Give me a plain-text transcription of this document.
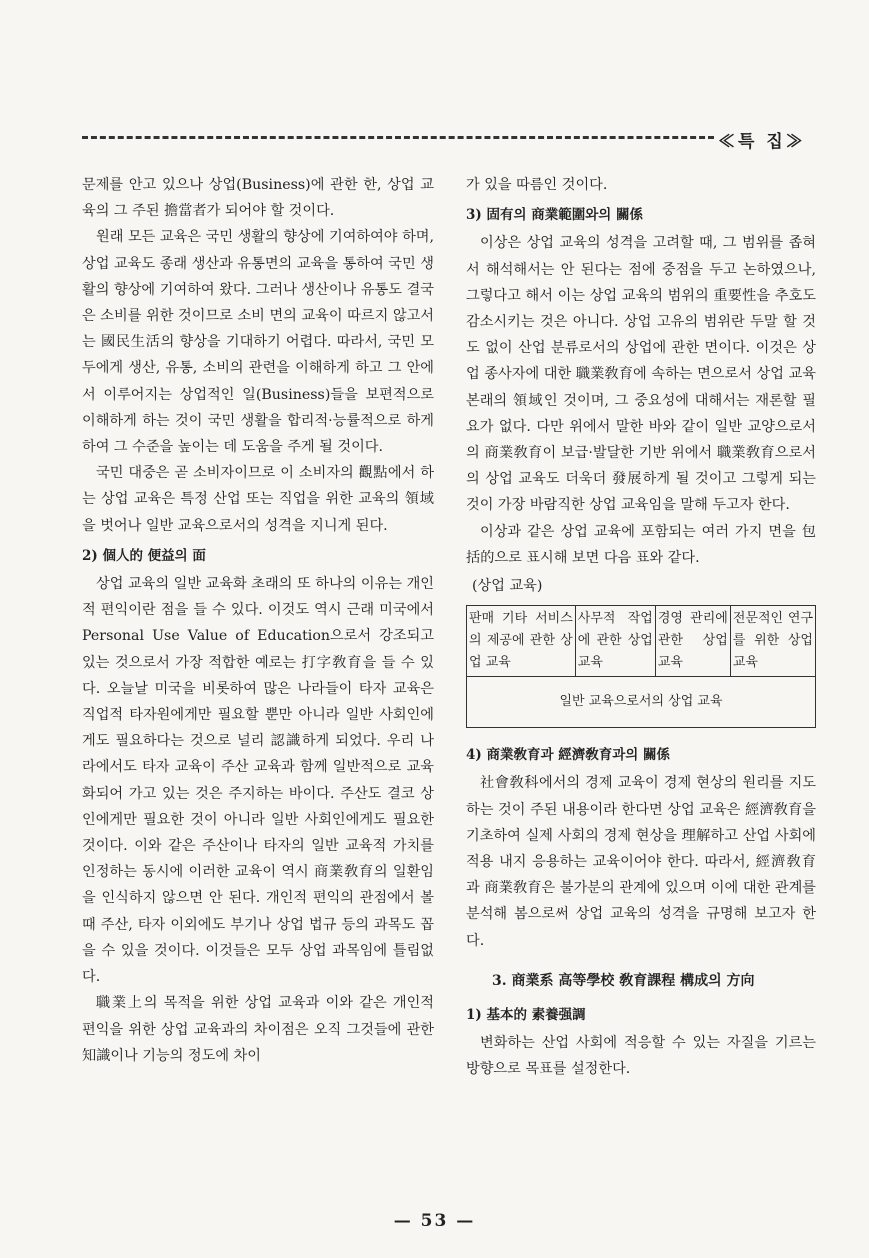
≪특 집≫

문제를 안고 있으나 상업(Business)에 관한 한, 상업 교육의 그 주된 擔當者가 되어야 할 것이다.

원래 모든 교육은 국민 생활의 향상에 기여하여야 하며, 상업 교육도 종래 생산과 유통면의 교육을 통하여 국민 생활의 향상에 기여하여 왔다. 그러나 생산이나 유통도 결국은 소비를 위한 것이므로 소비 면의 교육이 따르지 않고서는 國民生活의 향상을 기대하기 어렵다. 따라서, 국민 모두에게 생산, 유통, 소비의 관련을 이해하게 하고 그 안에서 이루어지는 상업적인 일(Business)들을 보편적으로 이해하게 하는 것이 국민 생활을 합리적·능률적으로 하게 하여 그 수준을 높이는 데 도움을 주게 될 것이다.

국민 대중은 곧 소비자이므로 이 소비자의 觀點에서 하는 상업 교육은 특정 산업 또는 직업을 위한 교육의 領域을 벗어나 일반 교육으로서의 성격을 지니게 된다.

2) 個人的 便益의 面

상업 교육의 일반 교육화 초래의 또 하나의 이유는 개인적 편익이란 점을 들 수 있다. 이것도 역시 근래 미국에서 Personal Use Value of Education으로서 강조되고 있는 것으로서 가장 적합한 예로는 打字敎育을 들 수 있다. 오늘날 미국을 비롯하여 많은 나라들이 타자 교육은 직업적 타자원에게만 필요할 뿐만 아니라 일반 사회인에게도 필요하다는 것으로 널리 認識하게 되었다. 우리 나라에서도 타자 교육이 주산 교육과 함께 일반적으로 교육화되어 가고 있는 것은 주지하는 바이다. 주산도 결코 상인에게만 필요한 것이 아니라 일반 사회인에게도 필요한 것이다. 이와 같은 주산이나 타자의 일반 교육적 가치를 인정하는 동시에 이러한 교육이 역시 商業敎育의 일환임을 인식하지 않으면 안 된다. 개인적 편익의 관점에서 볼 때 주산, 타자 이외에도 부기나 상업 법규 등의 과목도 꼽을 수 있을 것이다. 이것들은 모두 상업 과목임에 틀림없다.

職業上의 목적을 위한 상업 교육과 이와 같은 개인적 편익을 위한 상업 교육과의 차이점은 오직 그것들에 관한 知識이나 기능의 정도에 차이

가 있을 따름인 것이다.

3) 固有의 商業範圍와의 關係

이상은 상업 교육의 성격을 고려할 때, 그 범위를 좁혀서 해석해서는 안 된다는 점에 중점을 두고 논하였으나, 그렇다고 해서 이는 상업 교육의 범위의 重要性을 추호도 감소시키는 것은 아니다. 상업 고유의 범위란 두말 할 것도 없이 산업 분류로서의 상업에 관한 면이다. 이것은 상업 종사자에 대한 職業敎育에 속하는 면으로서 상업 교육 본래의 領域인 것이며, 그 중요성에 대해서는 재론할 필요가 없다. 다만 위에서 말한 바와 같이 일반 교양으로서의 商業敎育이 보급·발달한 기반 위에서 職業敎育으로서의 상업 교육도 더욱더 發展하게 될 것이고 그렇게 되는 것이 가장 바람직한 상업 교육임을 말해 두고자 한다.

이상과 같은 상업 교육에 포함되는 여러 가지 면을 包括的으로 표시해 보면 다음 표와 같다.

(상업 교육)

판매 기타 서비스의 제공에 관한 상업 교육	사무적 작업에 관한 상업 교육	경영 관리에 관한 상업 교육	전문적인 연구를 위한 상업 교육
일반 교육으로서의 상업 교육

4) 商業敎育과 經濟敎育과의 關係

社會敎科에서의 경제 교육이 경제 현상의 원리를 지도하는 것이 주된 내용이라 한다면 상업 교육은 經濟敎育을 기초하여 실제 사회의 경제 현상을 理解하고 산업 사회에 적용 내지 응용하는 교육이어야 한다. 따라서, 經濟敎育과 商業敎育은 불가분의 관계에 있으며 이에 대한 관계를 분석해 봄으로써 상업 교육의 성격을 규명해 보고자 한다.

3. 商業系 高等學校 敎育課程 構成의 方向

1) 基本的 素養强調

변화하는 산업 사회에 적응할 수 있는 자질을 기르는 방향으로 목표를 설정한다.

— 53 —
